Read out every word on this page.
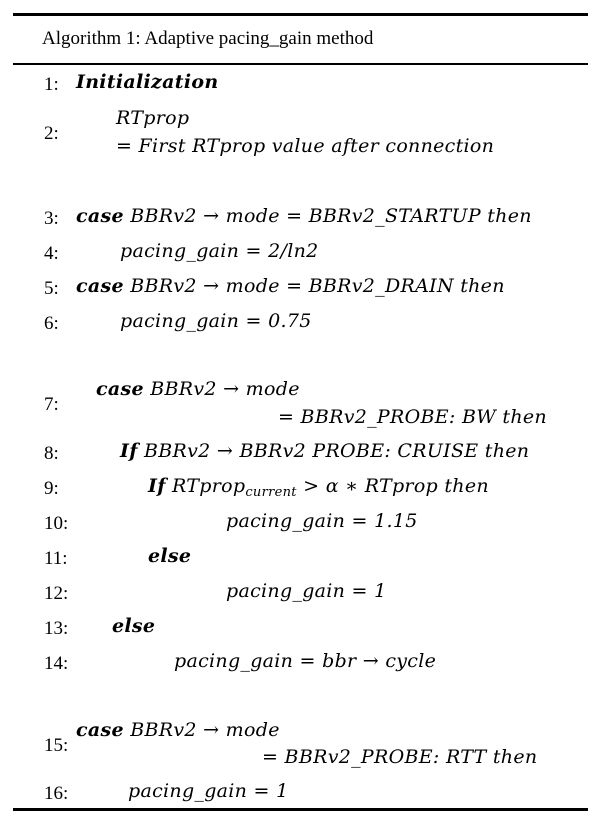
Algorithm 1: Adaptive pacing_gain method
1: Initialization
2:
RTprop
= First RTprop value after connection
3: case BBRv2 → mode = BBRv2_STARTUP then
4:	pacing_gain = 2/ln2
5: case BBRv2 → mode = BBRv2_DRAIN then
6:	pacing_gain = 0.75
7:
case BBRv2 → mode
= BBRv2_PROBE: BW then
8:	If BBRv2 → BBRv2 PROBE: CRUISE then
9:	If RTprop$_{current}$ > α ∗ RTprop then
10:	pacing_gain = 1.15
11:	else
12:	pacing_gain = 1
13: else
14:	pacing_gain = bbr → cycle
15:
case BBRv2 → mode
= BBRv2_PROBE: RTT then
16:	pacing_gain = 1
